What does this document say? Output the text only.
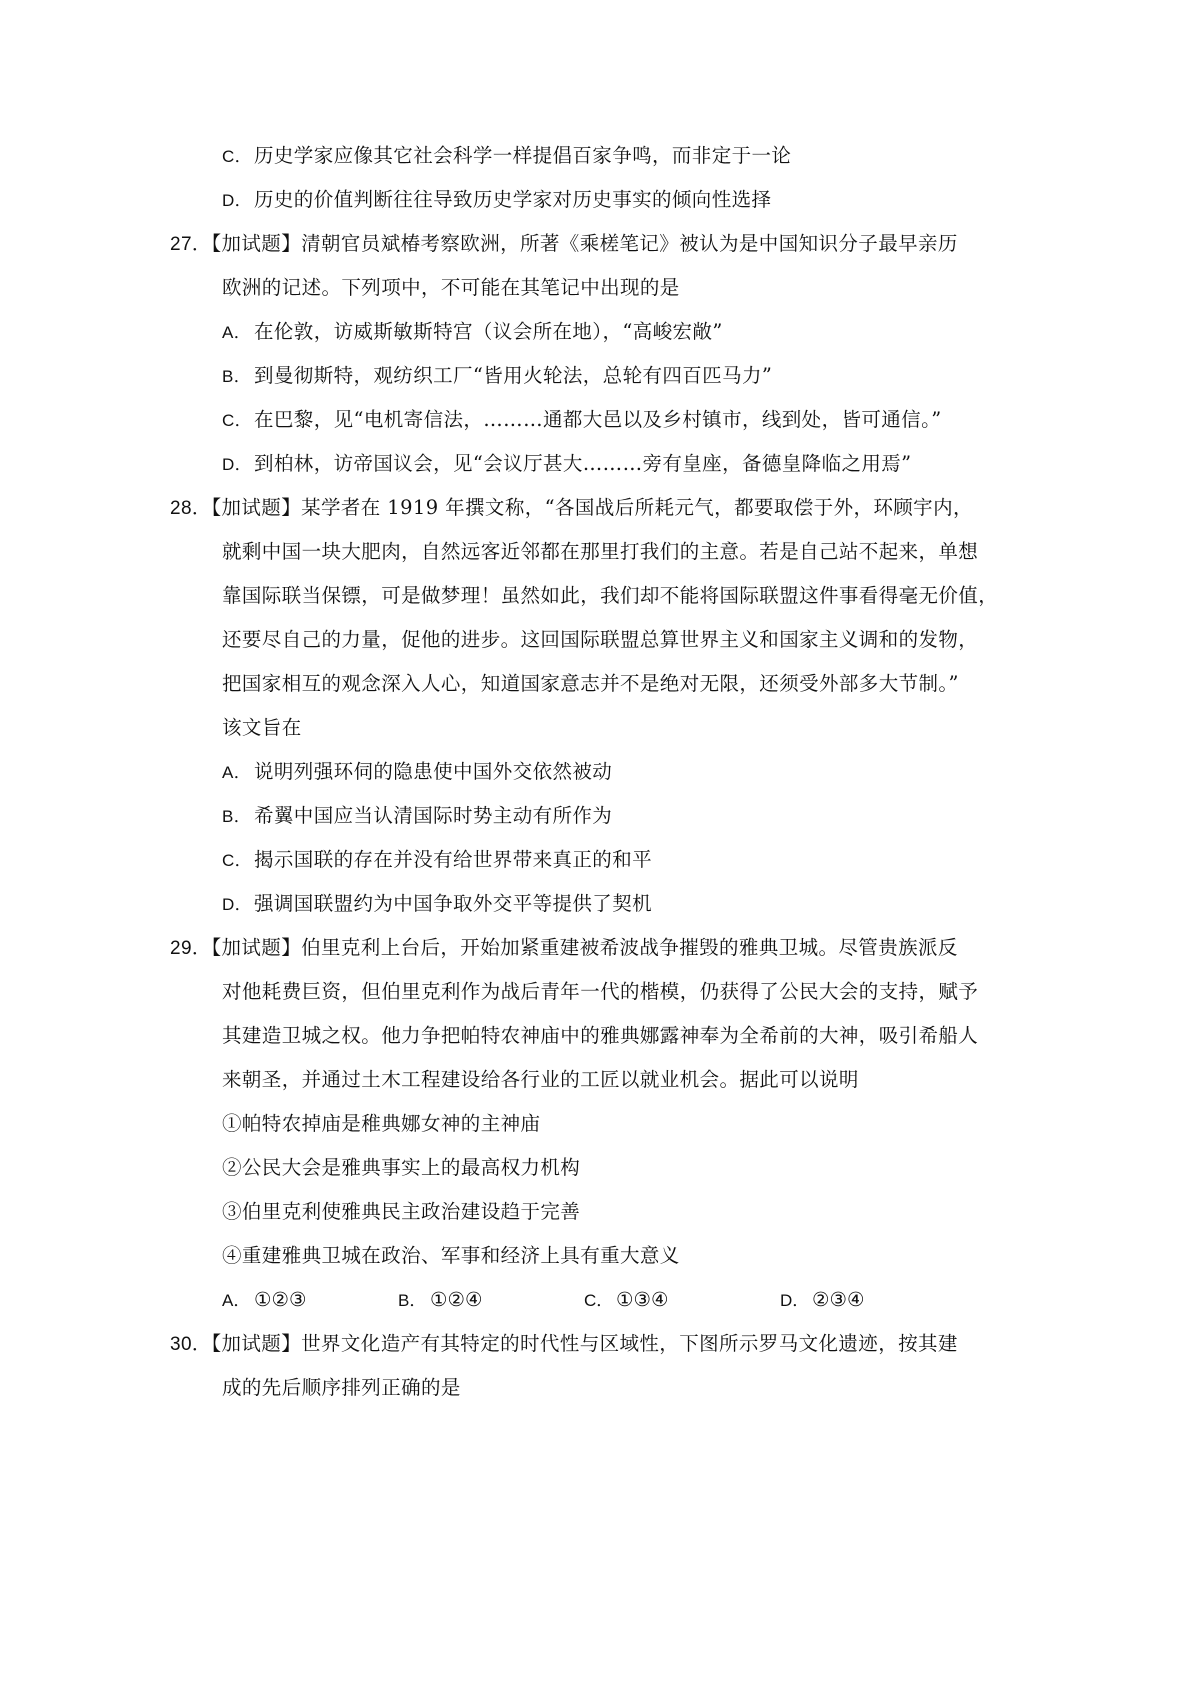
C．历史学家应像其它社会科学一样提倡百家争鸣，而非定于一论
D．历史的价值判断往往导致历史学家对历史事实的倾向性选择
27．【加试题】清朝官员斌椿考察欧洲，所著《乘槎笔记》被认为是中国知识分子最早亲历
欧洲的记述。下列项中，不可能在其笔记中出现的是
A． 在伦敦，访威斯敏斯特宫（议会所在地），“高峻宏敞”
B． 到曼彻斯特，观纺织工厂“皆用火轮法，总轮有四百匹马力”
C．在巴黎，见“电机寄信法，………通都大邑以及乡村镇市，线到处，皆可通信。”
D．到柏林，访帝国议会，见“会议厅甚大………旁有皇座，备德皇降临之用焉”
28．【加试题】某学者在 1919 年撰文称，“各国战后所耗元气，都要取偿于外，环顾宇内，
就剩中国一块大肥肉，自然远客近邻都在那里打我们的主意。若是自己站不起来，单想
靠国际联当保镖，可是做梦理！虽然如此，我们却不能将国际联盟这件事看得毫无价值，
还要尽自己的力量，促他的进步。这回国际联盟总算世界主义和国家主义调和的发物，
把国家相互的观念深入人心，知道国家意志并不是绝对无限，还须受外部多大节制。”
该文旨在
A． 说明列强环伺的隐患使中国外交依然被动
B． 希翼中国应当认清国际时势主动有所作为
C．揭示国联的存在并没有给世界带来真正的和平
D．强调国联盟约为中国争取外交平等提供了契机
29．【加试题】伯里克利上台后，开始加紧重建被希波战争摧毁的雅典卫城。尽管贵族派反
对他耗费巨资，但伯里克利作为战后青年一代的楷模，仍获得了公民大会的支持，赋予
其建造卫城之权。他力争把帕特农神庙中的雅典娜露神奉为全希前的大神，吸引希船人
来朝圣，并通过土木工程建设给各行业的工匠以就业机会。据此可以说明
①帕特农掉庙是稚典娜女神的主神庙
②公民大会是雅典事实上的最高权力机构
③伯里克利使雅典民主政治建设趋于完善
④重建雅典卫城在政治、军事和经济上具有重大意义
A． ①②③	B． ①②④	C． ①③④	D． ②③④
30．【加试题】世界文化造产有其特定的时代性与区域性，下图所示罗马文化遗迹，按其建
成的先后顺序排列正确的是
